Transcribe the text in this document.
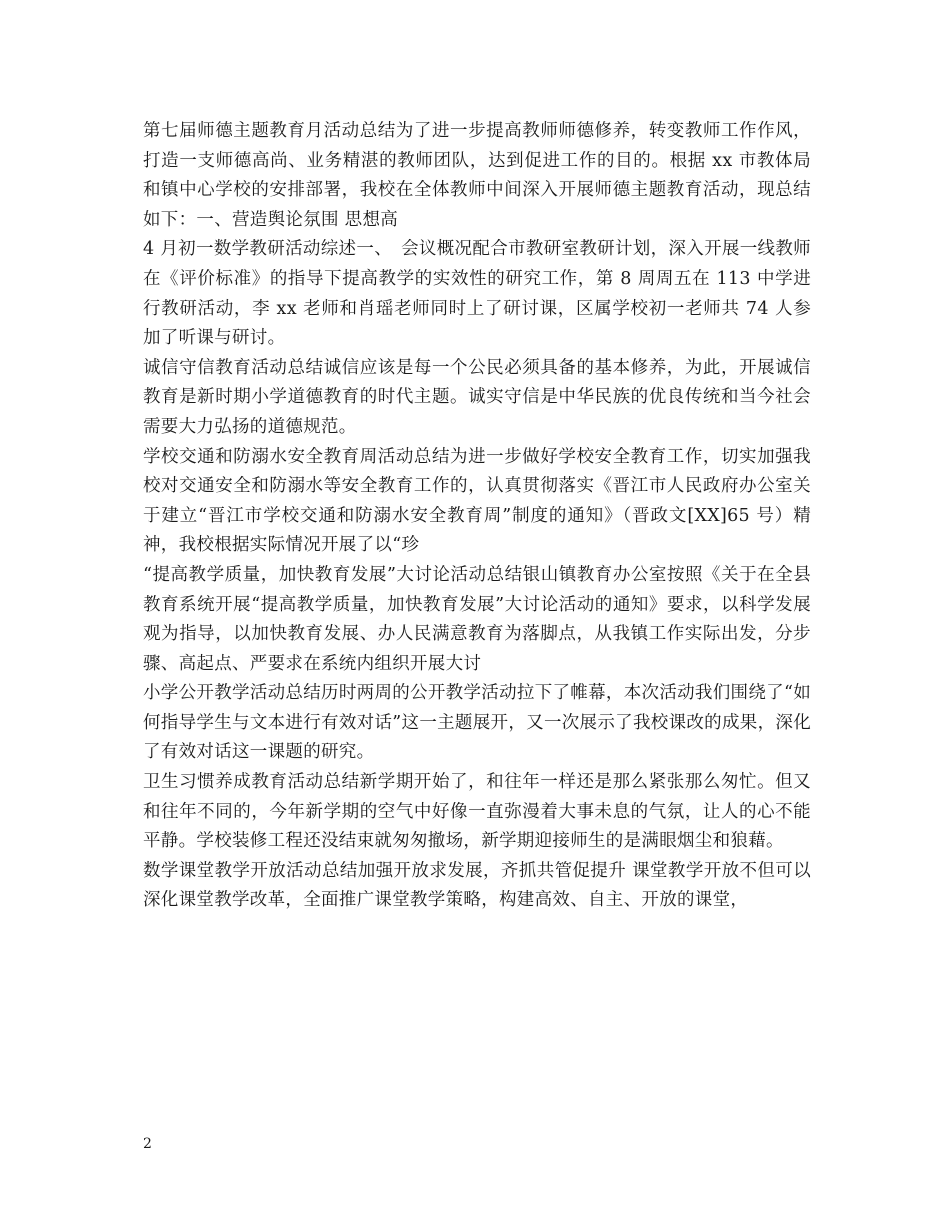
第七届师德主题教育月活动总结为了进一步提高教师师德修养，转变教师工作作风，打造一支师德高尚、业务精湛的教师团队，达到促进工作的目的。根据 xx 市教体局和镇中心学校的安排部署，我校在全体教师中间深入开展师德主题教育活动，现总结如下：一、营造舆论氛围 思想高

4 月初一数学教研活动综述一、　会议概况配合市教研室教研计划，深入开展一线教师在《评价标准》的指导下提高教学的实效性的研究工作，第 8 周周五在 113 中学进行教研活动，李 xx 老师和肖瑶老师同时上了研讨课，区属学校初一老师共 74 人参加了听课与研讨。

诚信守信教育活动总结诚信应该是每一个公民必须具备的基本修养，为此，开展诚信教育是新时期小学道德教育的时代主题。诚实守信是中华民族的优良传统和当今社会需要大力弘扬的道德规范。

学校交通和防溺水安全教育周活动总结为进一步做好学校安全教育工作，切实加强我校对交通安全和防溺水等安全教育工作的，认真贯彻落实《晋江市人民政府办公室关于建立“晋江市学校交通和防溺水安全教育周”制度的通知》（晋政文[XX]65 号）精神，我校根据实际情况开展了以“珍

“提高教学质量，加快教育发展”大讨论活动总结银山镇教育办公室按照《关于在全县教育系统开展“提高教学质量，加快教育发展”大讨论活动的通知》要求，以科学发展观为指导，以加快教育发展、办人民满意教育为落脚点，从我镇工作实际出发，分步骤、高起点、严要求在系统内组织开展大讨

小学公开教学活动总结历时两周的公开教学活动拉下了帷幕，本次活动我们围绕了“如何指导学生与文本进行有效对话”这一主题展开，又一次展示了我校课改的成果，深化了有效对话这一课题的研究。

卫生习惯养成教育活动总结新学期开始了，和往年一样还是那么紧张那么匆忙。但又和往年不同的，今年新学期的空气中好像一直弥漫着大事未息的气氛，让人的心不能平静。学校装修工程还没结束就匆匆撤场，新学期迎接师生的是满眼烟尘和狼藉。

数学课堂教学开放活动总结加强开放求发展，齐抓共管促提升 课堂教学开放不但可以深化课堂教学改革，全面推广课堂教学策略，构建高效、自主、开放的课堂，

2
